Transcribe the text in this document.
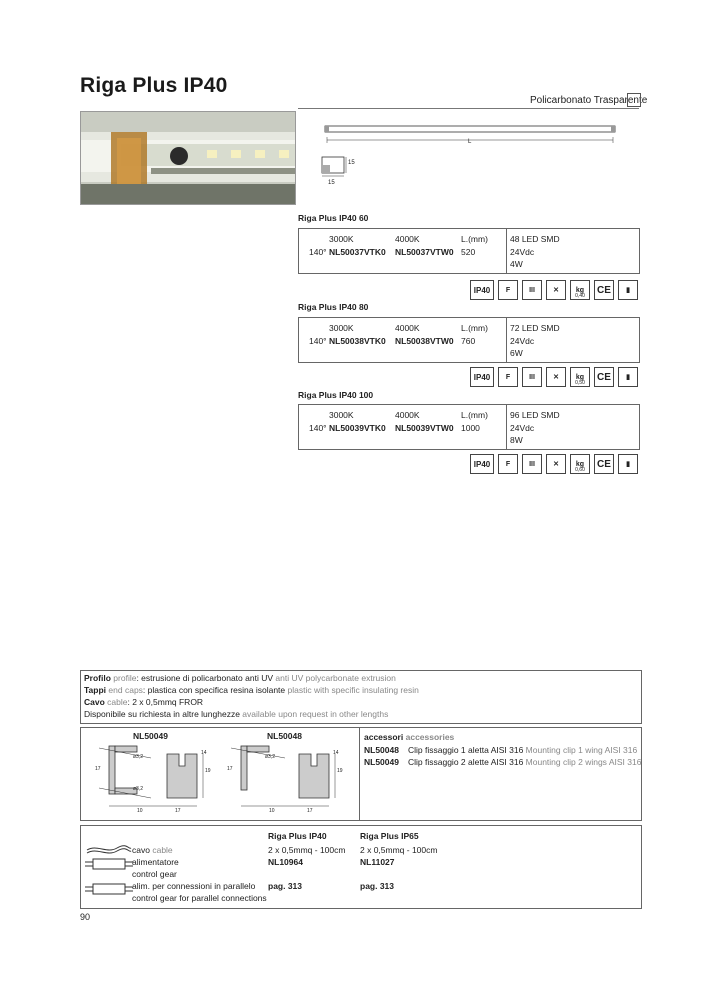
Riga Plus IP40
Policarbonato Trasparente
L
15
15
Riga Plus IP40 60
3000K	4000K	L.(mm)
140° NL50037VTK0 NL50037VTW0 520
48 LED SMD
24Vdc
4W
IP40	F	III	✕	kg
0,40
CE	▮
Riga Plus IP40 80
3000K	4000K	L.(mm)
140° NL50038VTK0 NL50038VTW0 760
72 LED SMD
24Vdc
6W
IP40	F	III	✕	kg
0,50
CE	▮
Riga Plus IP40 100
3000K	4000K	L.(mm)
140° NL50039VTK0 NL50039VTW0 1000
96 LED SMD
24Vdc
8W
IP40	F	III	✕	kg
0,60
CE	▮
Profilo profile: estrusione di policarbonato anti UV anti UV polycarbonate extrusion
Tappi end caps: plastica con specifica resina isolante plastic with specific insulating resin
Cavo cable: 2 x 0,5mmq FROR
Disponibile su richiesta in altre lunghezze available upon request in other lengths
NL50049	NL50048
ø3,2
ø3,2
ø3,2
17
14
19
10	17	10	17
14
19
17
accessori accessories
NL50048 Clip fissaggio 1 aletta AISI 316 Mounting clip 1 wing AISI 316
NL50049 Clip fissaggio 2 alette AISI 316 Mounting clip 2 wings AISI 316
Riga Plus IP40	Riga Plus IP65
cavo cable	2 x 0,5mmq - 100cm 2 x 0,5mmq - 100cm
alimentatore
control gear
NL10964	NL11027
alim. per connessioni in parallelo
control gear for parallel connections
pag. 313	pag. 313
90
